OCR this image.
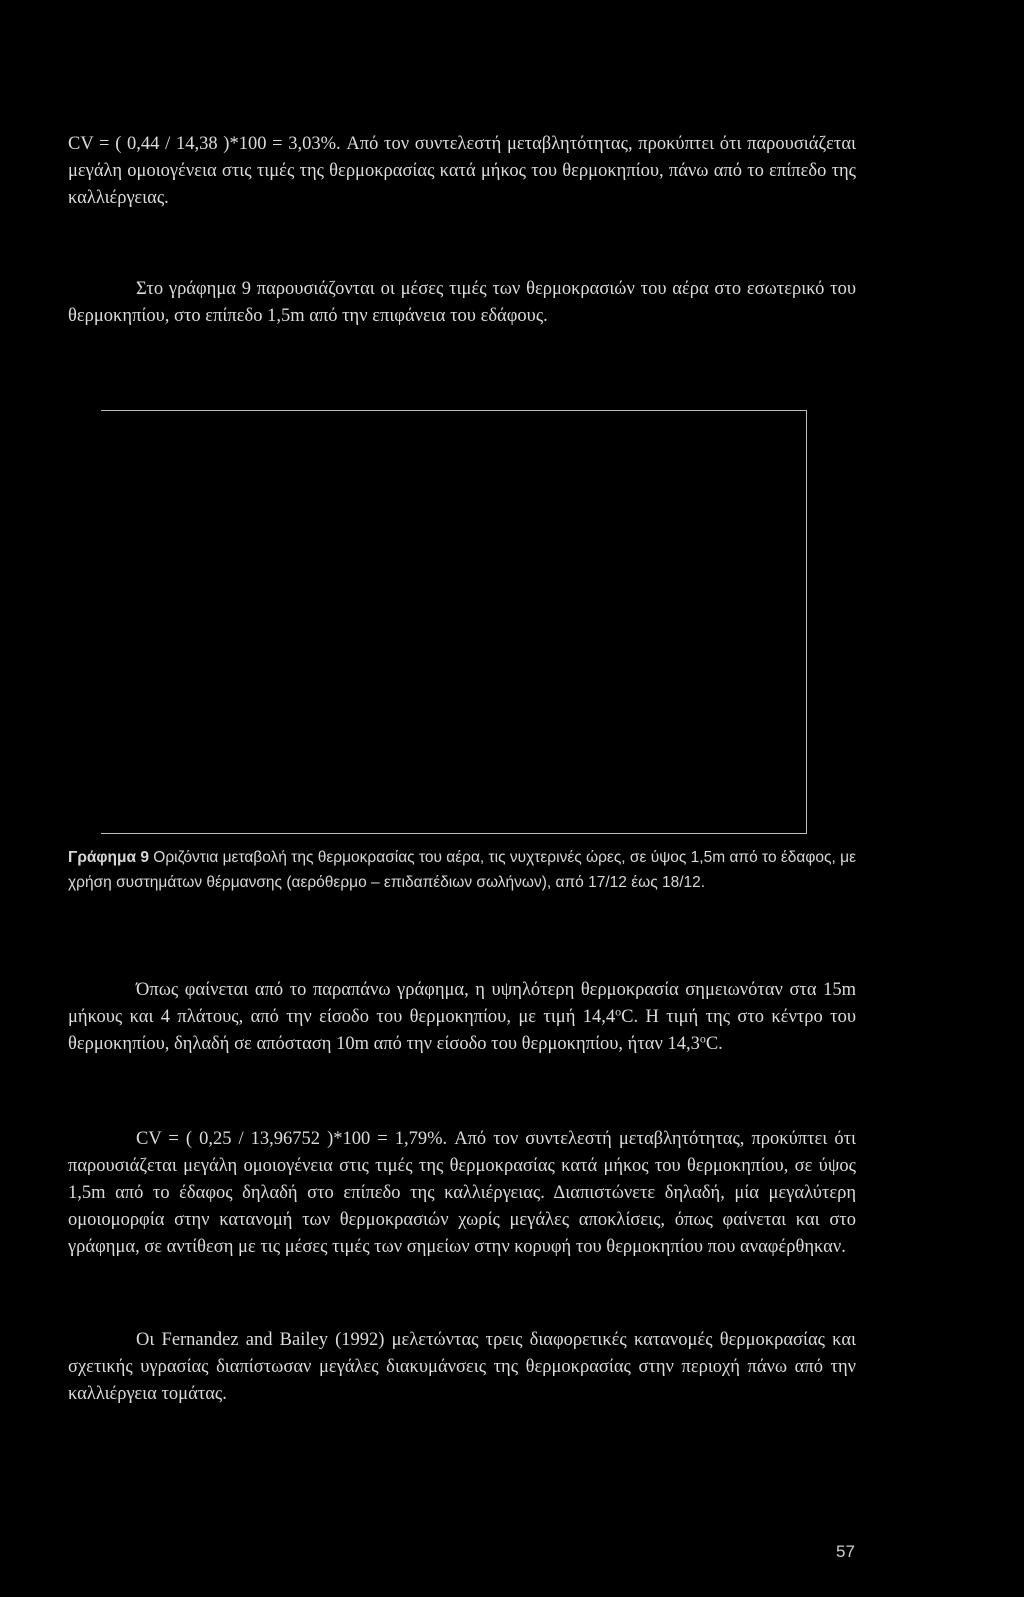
CV = ( 0,44 / 14,38 )*100 = 3,03%. Από τον συντελεστή μεταβλητότητας, προκύπτει ότι παρουσιάζεται μεγάλη ομοιογένεια στις τιμές της θερμοκρασίας κατά μήκος του θερμοκηπίου, πάνω από το επίπεδο της καλλιέργειας.

Στο γράφημα 9 παρουσιάζονται οι μέσες τιμές των θερμοκρασιών του αέρα στο εσωτερικό του θερμοκηπίου, στο επίπεδο 1,5m από την επιφάνεια του εδάφους.

Γράφημα 9 Οριζόντια μεταβολή της θερμοκρασίας του αέρα, τις νυχτερινές ώρες, σε ύψος 1,5m από το έδαφος, με χρήση συστημάτων θέρμανσης (αερόθερμο – επιδαπέδιων σωλήνων), από 17/12 έως 18/12.

Όπως φαίνεται από το παραπάνω γράφημα, η υψηλότερη θερμοκρασία σημειωνόταν στα 15m μήκους και 4 πλάτους, από την είσοδο του θερμοκηπίου, με τιμή 14,4$^o$C. Η τιμή της στο κέντρο του θερμοκηπίου, δηλαδή σε απόσταση 10m από την είσοδο του θερμοκηπίου, ήταν 14,3$^o$C.

CV = ( 0,25 / 13,96752 )*100 = 1,79%. Από τον συντελεστή μεταβλητότητας, προκύπτει ότι παρουσιάζεται μεγάλη ομοιογένεια στις τιμές της θερμοκρασίας κατά μήκος του θερμοκηπίου, σε ύψος 1,5m από το έδαφος δηλαδή στο επίπεδο της καλλιέργειας. Διαπιστώνετε δηλαδή, μία μεγαλύτερη ομοιομορφία στην κατανομή των θερμοκρασιών χωρίς μεγάλες αποκλίσεις, όπως φαίνεται και στο γράφημα, σε αντίθεση με τις μέσες τιμές των σημείων στην κορυφή του θερμοκηπίου που αναφέρθηκαν.

Οι Fernandez and Bailey (1992) μελετώντας τρεις διαφορετικές κατανομές θερμοκρασίας και σχετικής υγρασίας διαπίστωσαν μεγάλες διακυμάνσεις της θερμοκρασίας στην περιοχή πάνω από την καλλιέργεια τομάτας.

57
